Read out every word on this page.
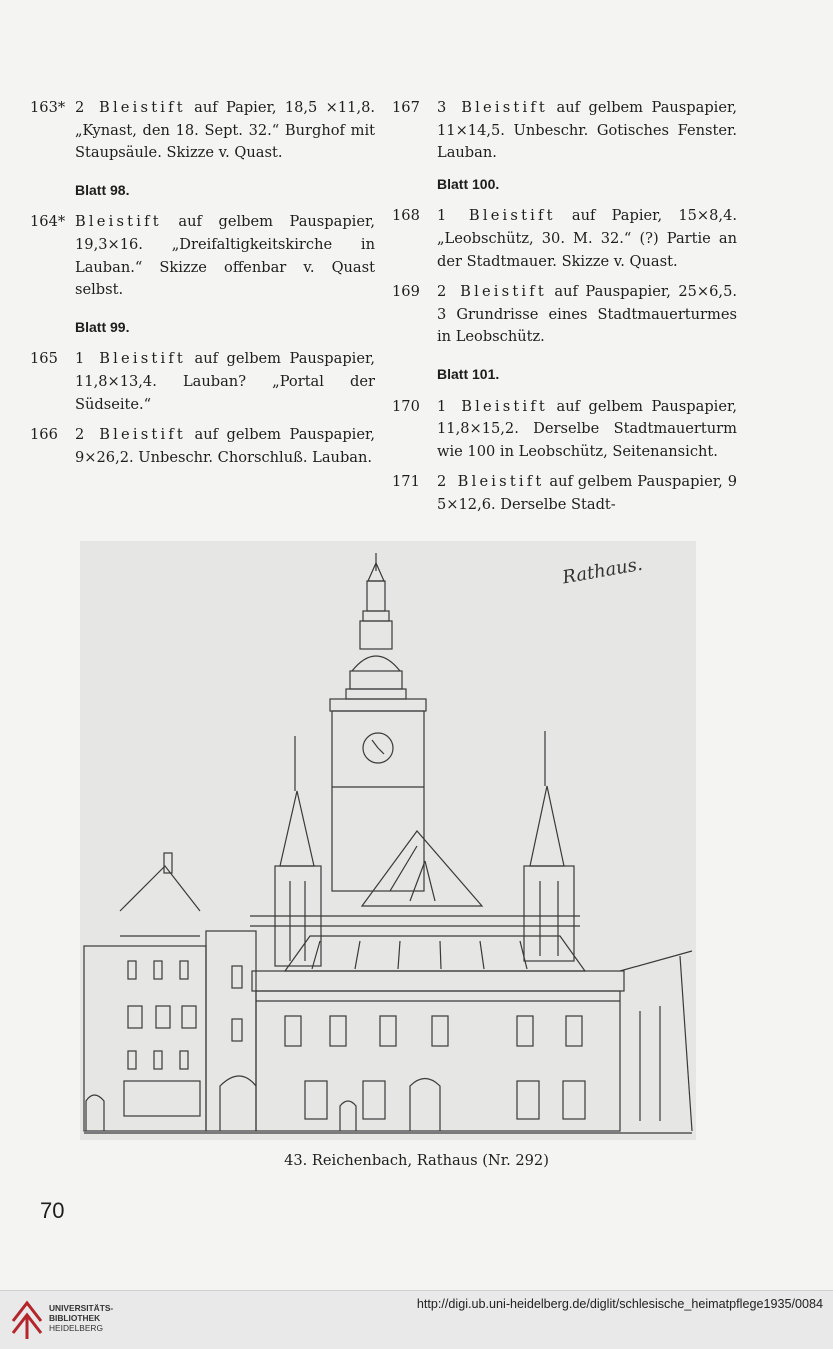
163* 2 Bleistift auf Papier, 18,5 ×11,8. „Kynast, den 18. Sept. 32.“ Burghof mit Staupsäule. Skizze v. Quast.
Blatt 98.
164* Bleistift auf gelbem Pauspapier, 19,3×16. „Dreifaltigkeitskirche in Lauban.“ Skizze offenbar v. Quast selbst.
Blatt 99.
165	1 Bleistift auf gelbem Pauspapier, 11,8×13,4. Lauban? „Portal der Südseite.“
166	2 Bleistift auf gelbem Pauspapier, 9×26,2. Unbeschr. Chorschluß. Lauban.
167	3 Bleistift auf gelbem Pauspapier, 11×14,5. Unbeschr. Gotisches Fenster. Lauban.
Blatt 100.
168	1 Bleistift auf Papier, 15×8,4. „Leobschütz, 30. M. 32.“ (?) Partie an der Stadtmauer. Skizze v. Quast.
169	2 Bleistift auf Pauspapier, 25×6,5. 3 Grundrisse eines Stadtmauerturmes in Leobschütz.
Blatt 101.
170	1 Bleistift auf gelbem Pauspapier, 11,8×15,2. Derselbe Stadtmauerturm wie 100 in Leobschütz, Seitenansicht.
171	2 Bleistift auf gelbem Pauspapier, 9 5×12,6. Derselbe Stadt-
Rathaus.
43. Reichenbach, Rathaus (Nr. 292)
70
UNIVERSITÄTS-
BIBLIOTHEK
HEIDELBERG
http://digi.ub.uni-heidelberg.de/diglit/schlesische_heimatpflege1935/0084
